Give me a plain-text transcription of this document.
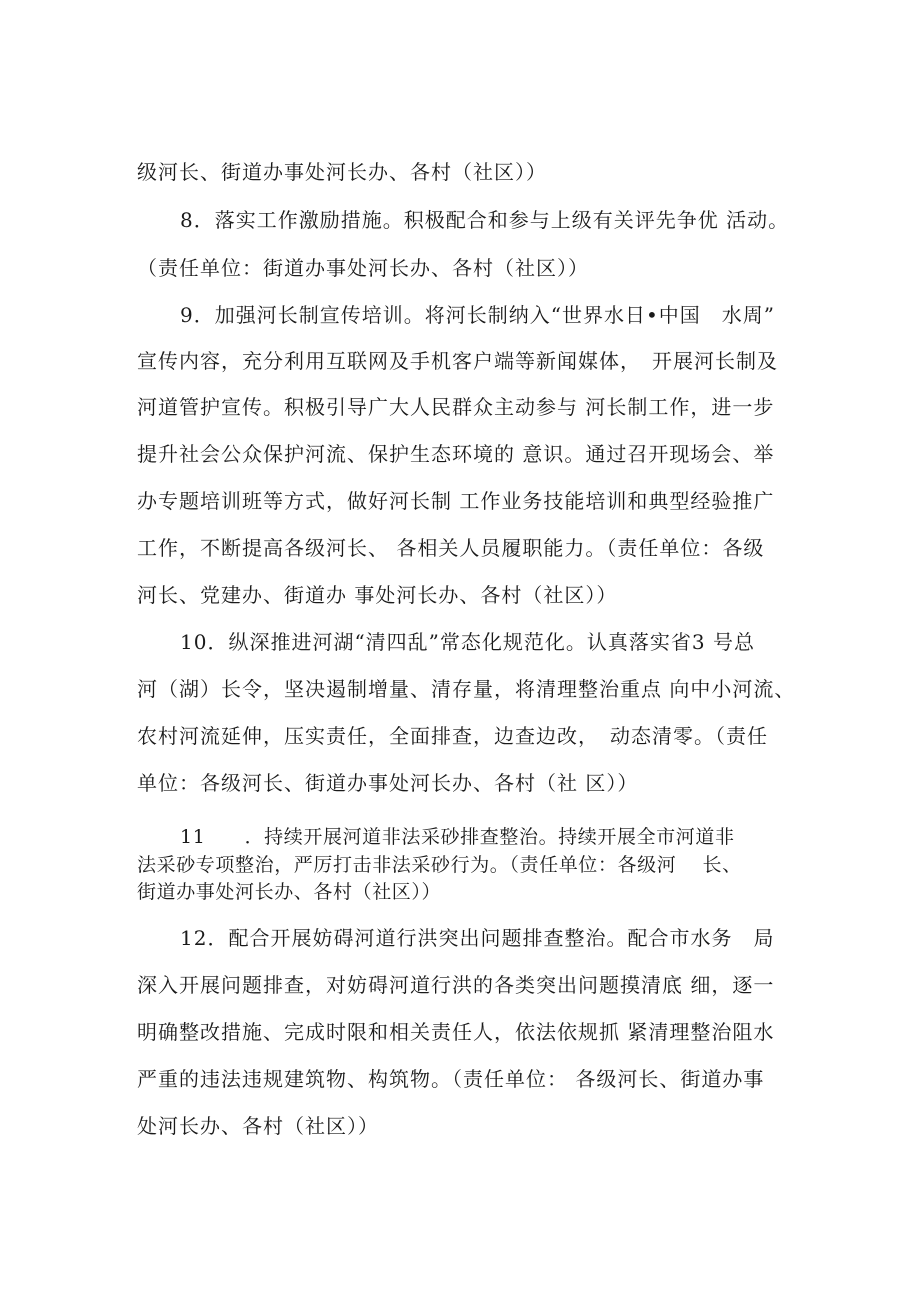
级河长、街道办事处河长办、各村（社区））
8．落实工作激励措施。积极配合和参与上级有关评先争优 活动。
（责任单位：街道办事处河长办、各村（社区））
9．加强河长制宣传培训。将河长制纳入“世界水日•中国　水周”
宣传内容，充分利用互联网及手机客户端等新闻媒体，　开展河长制及
河道管护宣传。积极引导广大人民群众主动参与 河长制工作，进一步
提升社会公众保护河流、保护生态环境的 意识。通过召开现场会、举
办专题培训班等方式，做好河长制 工作业务技能培训和典型经验推广
工作，不断提高各级河长、 各相关人员履职能力。（责任单位：各级
河长、党建办、街道办 事处河长办、各村（社区））
10．纵深推进河湖“清四乱”常态化规范化。认真落实省3 号总
河（湖）长令，坚决遏制增量、清存量，将清理整治重点 向中小河流、
农村河流延伸，压实责任，全面排查，边查边改，　动态清零。（责任
单位：各级河长、街道办事处河长办、各村（社 区））
11　　．持续开展河道非法采砂排查整治。持续开展全市河道非
法采砂专项整治，严厉打击非法采砂行为。（责任单位：各级河　 长、
街道办事处河长办、各村（社区））
12．配合开展妨碍河道行洪突出问题排查整治。配合市水务　局
深入开展问题排查，对妨碍河道行洪的各类突出问题摸清底 细，逐一
明确整改措施、完成时限和相关责任人，依法依规抓 紧清理整治阻水
严重的违法违规建筑物、构筑物。（责任单位： 各级河长、街道办事
处河长办、各村（社区））
